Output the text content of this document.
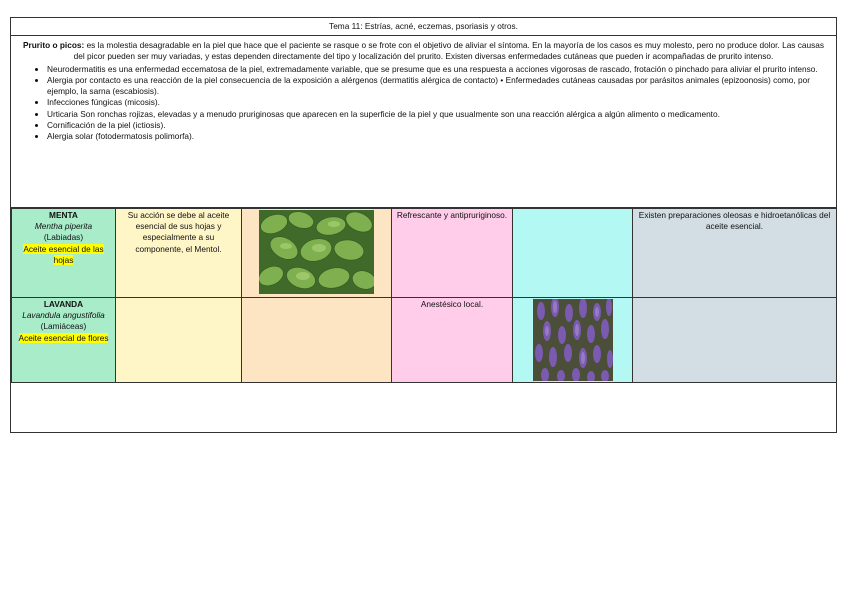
Tema 11: Estrías, acné, eczemas, psoriasis y otros.
Prurito o picos: es la molestia desagradable en la piel que hace que el paciente se rasque o se frote con el objetivo de aliviar el síntoma. En la mayoría de los casos es muy molesto, pero no produce dolor. Las causas del picor pueden ser muy variadas, y estas dependen directamente del tipo y localización del prurito. Existen diversas enfermedades cutáneas que pueden ir acompañadas de prurito intenso.
• Neurodermatitis es una enfermedad eccematosa de la piel, extremadamente variable, que se presume que es una respuesta a acciones vigorosas de rascado, frotación o pinchado para aliviar el prurito intenso.
• Alergia por contacto es una reacción de la piel consecuencia de la exposición a alérgenos (dermatitis alérgica de contacto) • Enfermedades cutáneas causadas por parásitos animales (epizoonosis) como, por ejemplo, la sarna (escabiosis).
• Infecciones fúngicas (micosis).
• Urticaria Son ronchas rojizas, elevadas y a menudo pruriginosas que aparecen en la superficie de la piel y que usualmente son una reacción alérgica a algún alimento o medicamento.
• Cornificación de la piel (ictiosis).
• Alergia solar (fotodermatosis polimorfa).
MENTA
Mentha piperita
(Labiadas)
Aceite esencial de las hojas	Su acción se debe al aceite esencial de sus hojas y especialmente a su componente, el Mentol.		Refrescante y antipruriginoso.		Existen preparaciones oleosas e hidroetanólicas del aceite esencial.

LAVANDA
Lavandula angustifolia
(Lamiáceas)
Aceite esencial de flores			Anestésico local.	
